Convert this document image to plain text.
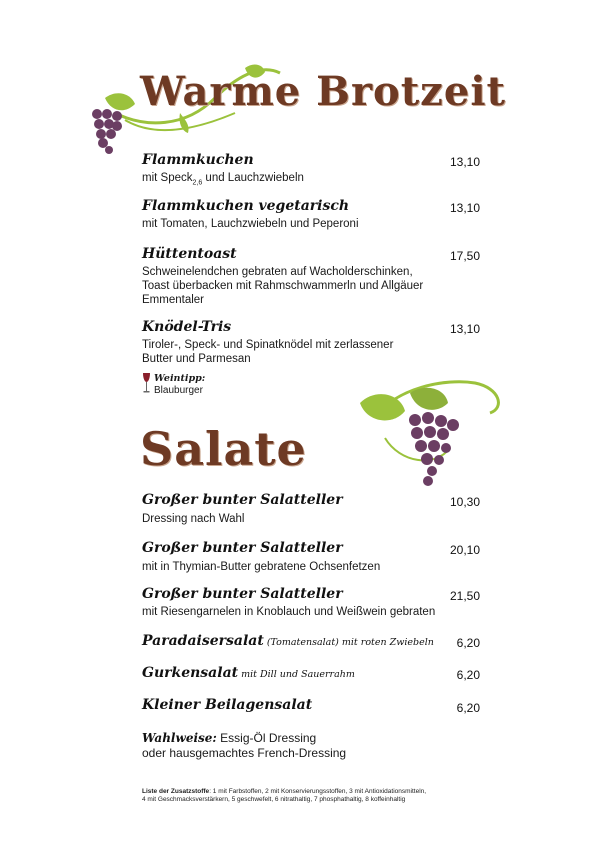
Warme Brotzeit
Flammkuchen
mit Speck$_{2,6}$ und Lauchzwiebeln
13,10
Flammkuchen vegetarisch
mit Tomaten, Lauchzwiebeln und Peperoni
13,10
Hüttentoast
Schweinelendchen gebraten auf Wacholderschinken,
Toast überbacken mit Rahmschwammerln und Allgäuer
Emmentaler
17,50
Knödel-Tris
Tiroler-, Speck- und Spinatknödel mit zerlassener
Butter und Parmesan
13,10
Weintipp:
Blauburger
Salate
Großer bunter Salatteller
Dressing nach Wahl
10,30
Großer bunter Salatteller
mit in Thymian-Butter gebratene Ochsenfetzen
20,10
Großer bunter Salatteller
mit Riesengarnelen in Knoblauch und Weißwein gebraten
21,50
Paradaisersalat (Tomatensalat) mit roten Zwiebeln	6,20
Gurkensalat mit Dill und Sauerrahm	6,20
Kleiner Beilagensalat	6,20
Wahlweise: Essig-Öl Dressing
oder hausgemachtes French-Dressing
Liste der Zusatzstoffe: 1 mit Farbstoffen, 2 mit Konservierungsstoffen, 3 mit Antioxidationsmitteln,
4 mit Geschmacksverstärkern, 5 geschwefelt, 6 nitrathaltig, 7 phosphathaltig, 8 koffeinhaltig
